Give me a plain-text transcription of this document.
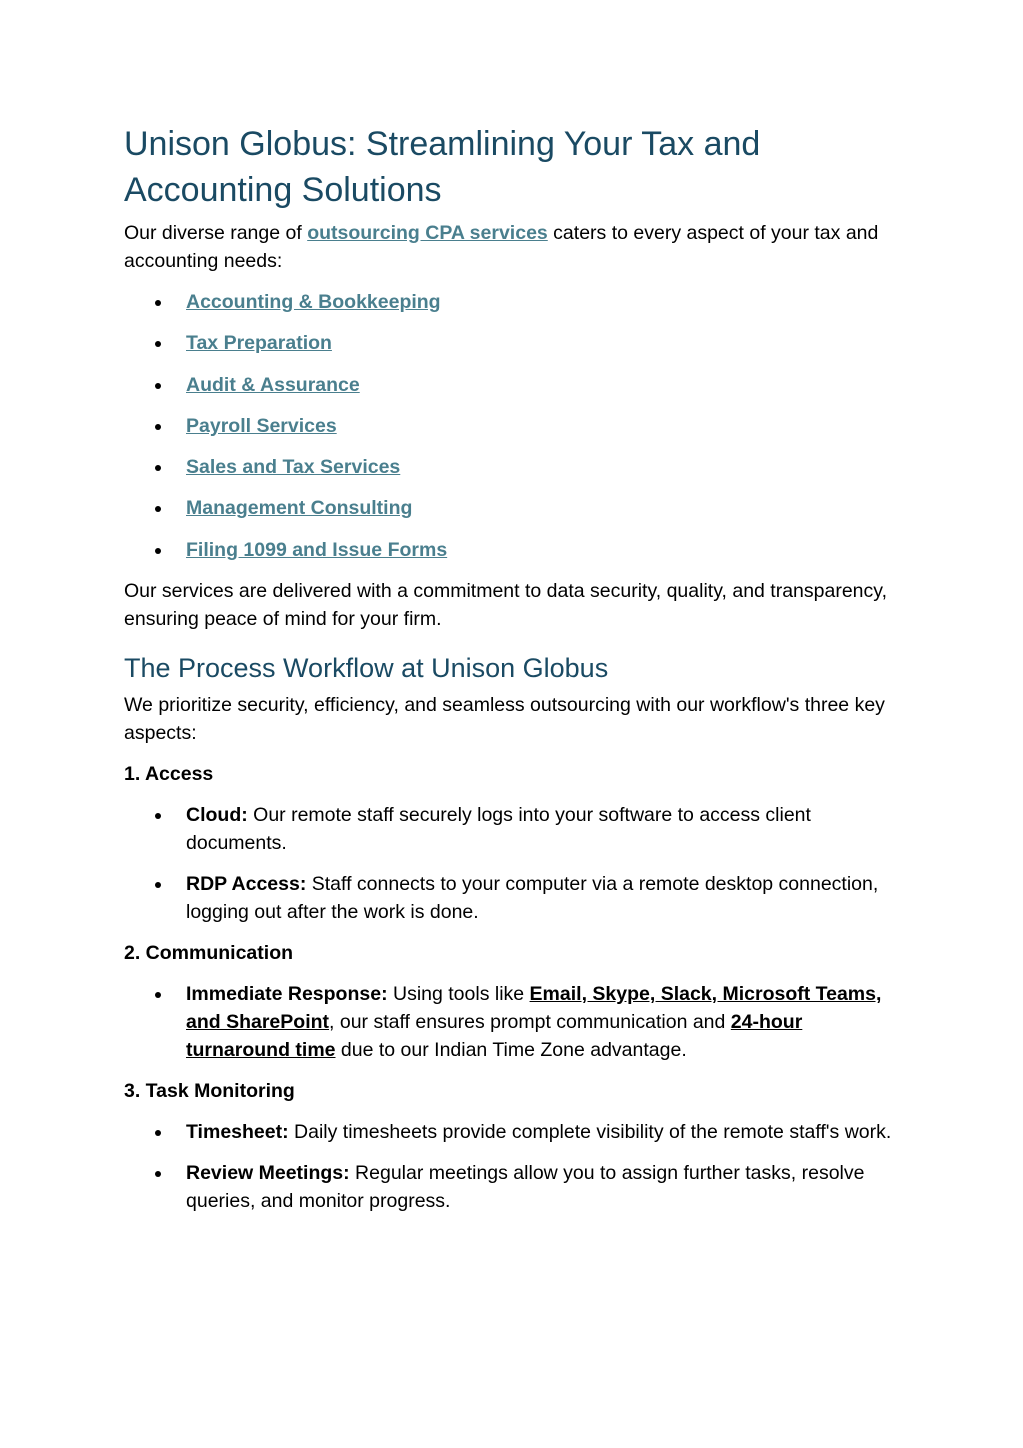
Unison Globus: Streamlining Your Tax and Accounting Solutions

Our diverse range of outsourcing CPA services caters to every aspect of your tax and accounting needs:

Accounting & Bookkeeping
Tax Preparation
Audit & Assurance
Payroll Services
Sales and Tax Services
Management Consulting
Filing 1099 and Issue Forms

Our services are delivered with a commitment to data security, quality, and transparency, ensuring peace of mind for your firm.

The Process Workflow at Unison Globus

We prioritize security, efficiency, and seamless outsourcing with our workflow's three key aspects:

1. Access

Cloud: Our remote staff securely logs into your software to access client documents.
RDP Access: Staff connects to your computer via a remote desktop connection, logging out after the work is done.

2. Communication

Immediate Response: Using tools like Email, Skype, Slack, Microsoft Teams, and SharePoint, our staff ensures prompt communication and 24-hour turnaround time due to our Indian Time Zone advantage.

3. Task Monitoring

Timesheet: Daily timesheets provide complete visibility of the remote staff's work.
Review Meetings: Regular meetings allow you to assign further tasks, resolve queries, and monitor progress.
